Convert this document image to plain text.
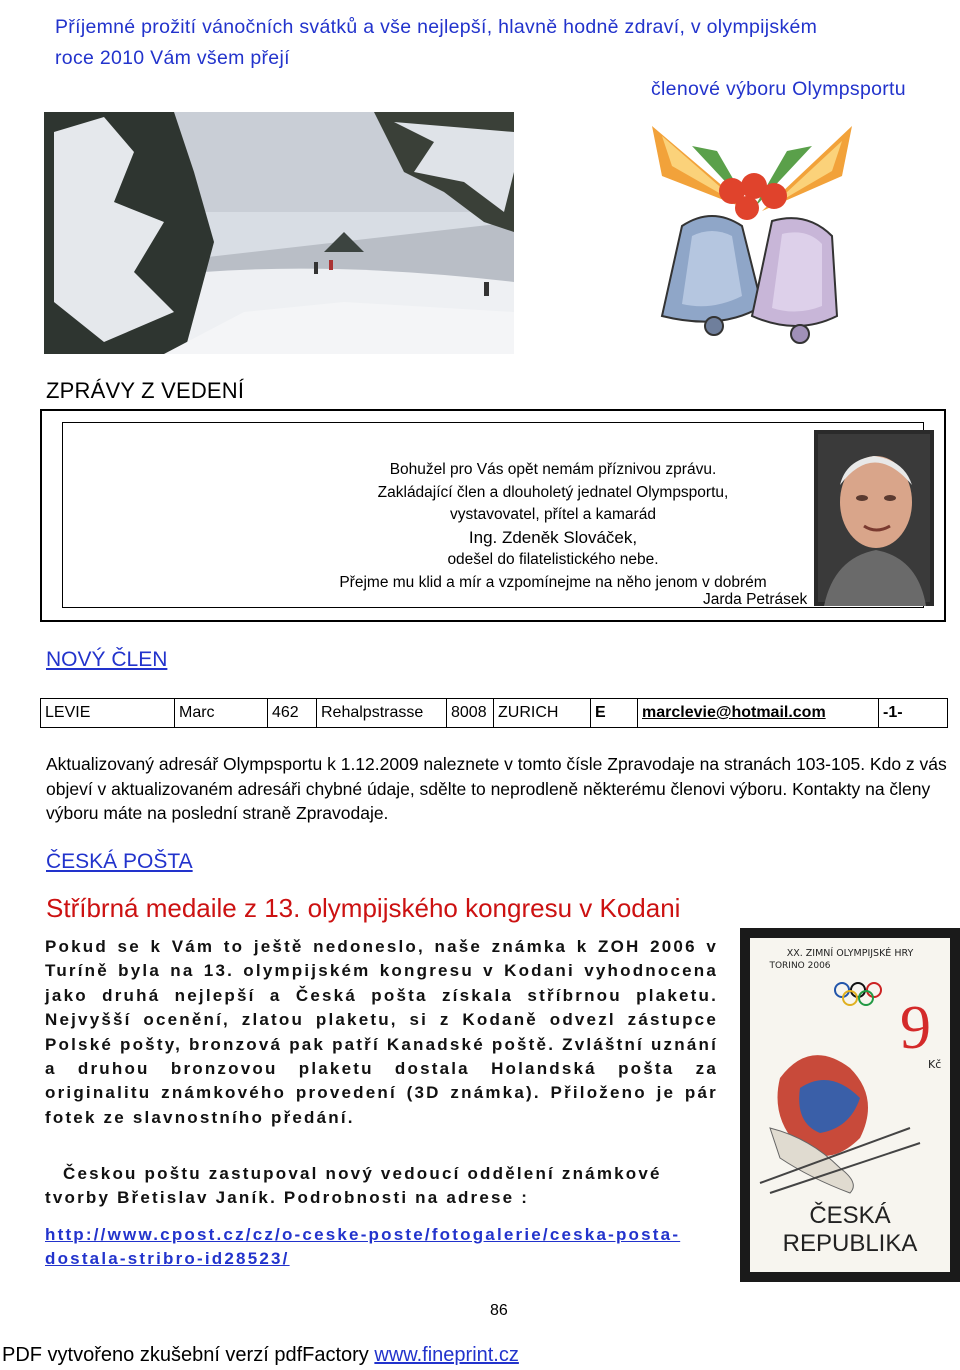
Příjemné prožití vánočních svátků a vše nejlepší, hlavně hodně zdraví, v olympijském
roce 2010 Vám všem přejí
členové výboru Olympsportu
ZPRÁVY Z VEDENÍ
Bohužel pro Vás opět nemám příznivou zprávu.
Zakládající člen a dlouholetý jednatel Olympsportu,
vystavovatel, přítel a kamarád
Ing. Zdeněk Slováček,
odešel do filatelistického nebe.
Přejme mu klid a mír a vzpomínejme na něho jenom v dobrém
Jarda Petrásek
NOVÝ ČLEN
LEVIE	Marc	462	Rehalpstrasse	8008	ZURICH	E	marclevie@hotmail.com	-1-
Aktualizovaný adresář Olympsportu k 1.12.2009 naleznete v tomto čísle Zpravodaje na stranách 103-105. Kdo z vás objeví v aktualizovaném adresáři chybné údaje, sdělte to neprodleně některému členovi výboru. Kontakty na členy výboru máte na poslední straně Zpravodaje.
ČESKÁ POŠTA
Stříbrná medaile z 13. olympijského kongresu v Kodani
Pokud se k Vám to ještě nedoneslo, naše známka k ZOH 2006 v Turíně byla na 13. olympijském kongresu v Kodani vyhodnocena jako druhá nejlepší a Česká pošta získala stříbrnou plaketu. Nejvyšší ocenění, zlatou plaketu, si z Kodaně odvezl zástupce Polské pošty, bronzová pak patří Kanadské poště. Zvláštní uznání a druhou bronzovou plaketu dostala Holandská pošta za originalitu známkového provedení (3D známka). Přiloženo je pár fotek ze slavnostního předání.
Českou poštu zastupoval nový vedoucí oddělení známkové tvorby Břetislav Janík. Podrobnosti na adrese :
http://www.cpost.cz/cz/o-ceske-poste/fotogalerie/ceska-posta-dostala-stribro-id28523/
XX. ZIMNÍ OLYMPIJSKÉ HRY
TORINO 2006
9
Kč
ČESKÁ
REPUBLIKA
86
PDF vytvořeno zkušební verzí pdfFactory www.fineprint.cz
